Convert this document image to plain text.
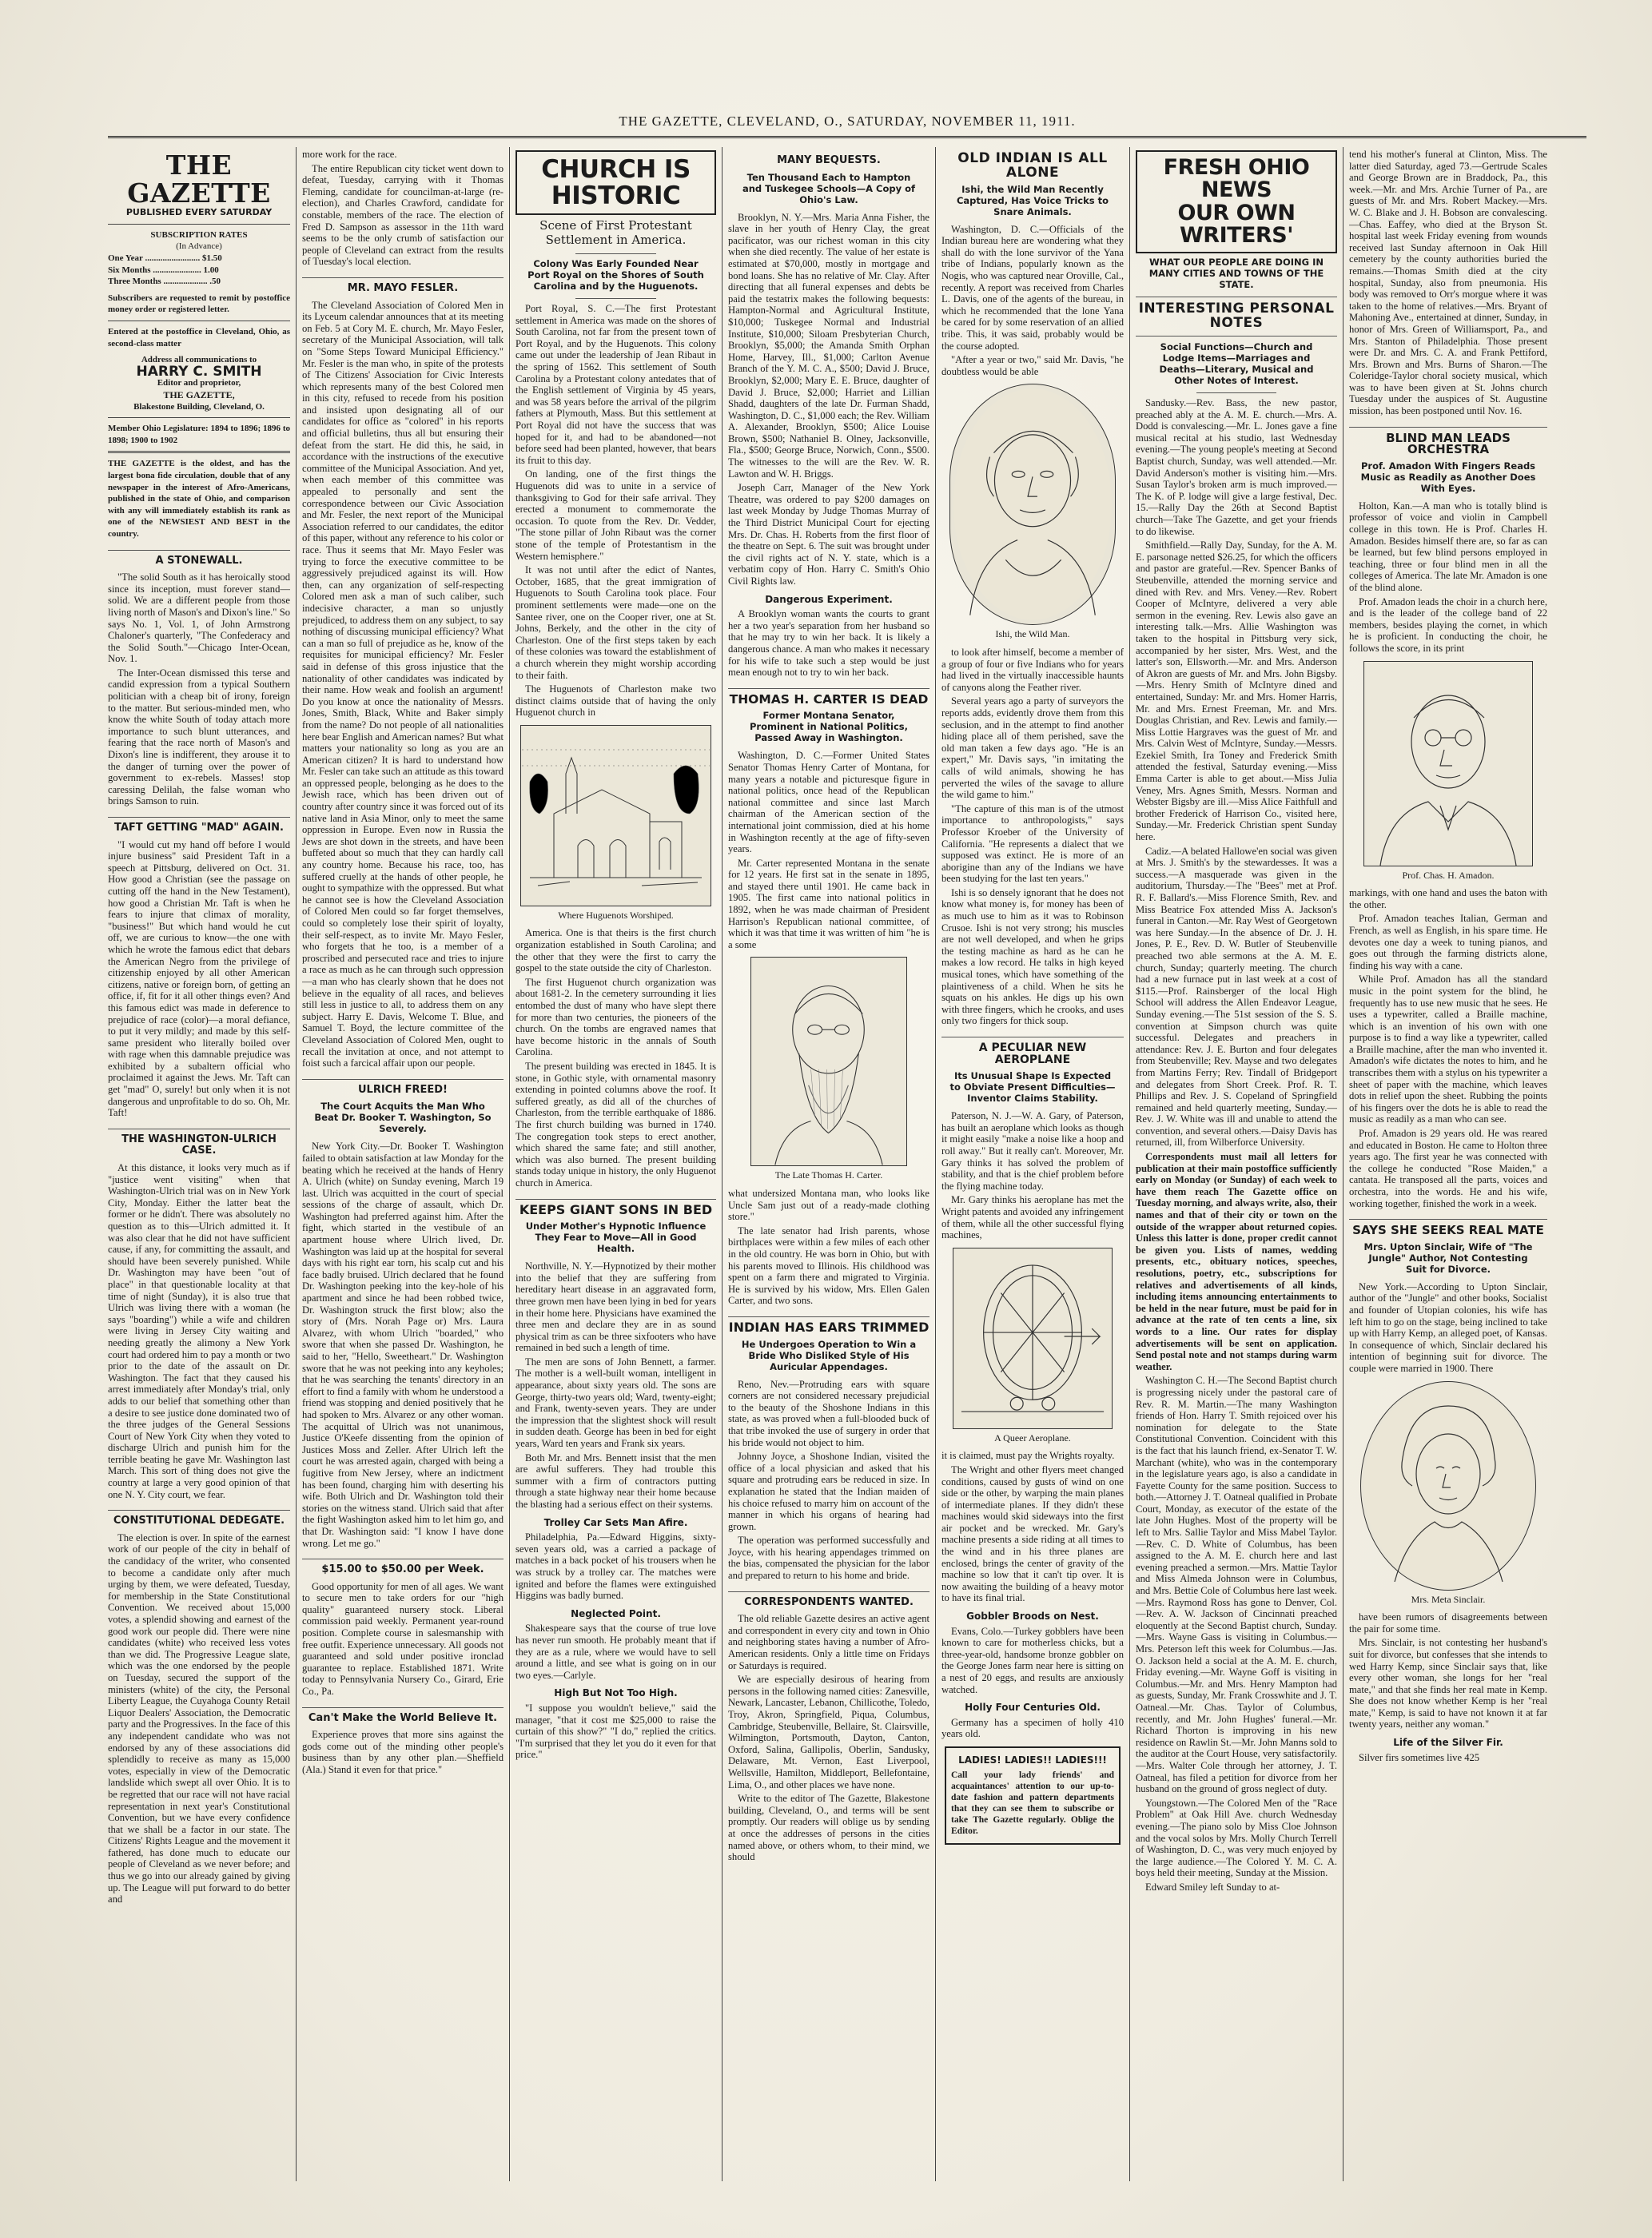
THE GAZETTE, CLEVELAND, O., SATURDAY, NOVEMBER 11, 1911.
THE GAZETTE
PUBLISHED EVERY SATURDAY
SUBSCRIPTION RATES
(In Advance)
One Year ......................... $1.50
Six Months ...................... 1.00
Three Months .................... .50
Subscribers are requested to remit by postoffice money order or registered letter.
Entered at the postoffice in Cleveland, Ohio, as second-class matter
Address all communications to
HARRY C. SMITH
Editor and proprietor,
THE GAZETTE,
Blakestone Building, Cleveland, O.
Member Ohio Legislature: 1894 to 1896; 1896 to 1898; 1900 to 1902
THE GAZETTE is the oldest, and has the largest bona fide circulation, double that of any newspaper in the interest of Afro-Americans, published in the state of Ohio, and comparison with any will immediately establish its rank as one of the NEWSIEST AND BEST in the country.
A STONEWALL.

"The solid South as it has heroically stood since its inception, must forever stand—solid. We are a different people from those living north of Mason's and Dixon's line." So says No. 1, Vol. 1, of John Armstrong Chaloner's quarterly, "The Confederacy and the Solid South."—Chicago Inter-Ocean, Nov. 1.

The Inter-Ocean dismissed this terse and candid expression from a typical Southern politician with a cheap bit of irony, foreign to the matter. But serious-minded men, who know the white South of today attach more importance to such blunt utterances, and fearing that the race north of Mason's and Dixon's line is indifferent, they arouse it to the danger of turning over the power of government to ex-rebels. Masses! stop caressing Delilah, the false woman who brings Samson to ruin.

TAFT GETTING "MAD" AGAIN.

"I would cut my hand off before I would injure business" said President Taft in a speech at Pittsburg, delivered on Oct. 31. How good a Christian (see the passage on cutting off the hand in the New Testament), how good a Christian Mr. Taft is when he fears to injure that climax of morality, "business!" But which hand would he cut off, we are curious to know—the one with which he wrote the famous edict that debars the American Negro from the privilege of citizenship enjoyed by all other American citizens, native or foreign born, of getting an office, if, fit for it all other things even? And this famous edict was made in deference to prejudice of race (color)—a moral defiance, to put it very mildly; and made by this self-same president who literally boiled over with rage when this damnable prejudice was exhibited by a subaltern official who proclaimed it against the Jews. Mr. Taft can get "mad" O, surely! but only when it is not dangerous and unprofitable to do so. Oh, Mr. Taft!

THE WASHINGTON-ULRICH CASE.

At this distance, it looks very much as if "justice went visiting" when that Washington-Ulrich trial was on in New York City, Monday. Either the latter beat the former or he didn't. There was absolutely no question as to this—Ulrich admitted it. It was also clear that he did not have sufficient cause, if any, for committing the assault, and should have been severely punished. While Dr. Washington may have been "out of place" in that questionable locality at that time of night (Sunday), it is also true that Ulrich was living there with a woman (he says "boarding") while a wife and children were living in Jersey City waiting and needing greatly the alimony a New York court had ordered him to pay a month or two prior to the date of the assault on Dr. Washington. The fact that they caused his arrest immediately after Monday's trial, only adds to our belief that something other than a desire to see justice done dominated two of the three judges of the General Sessions Court of New York City when they voted to discharge Ulrich and punish him for the terrible beating he gave Mr. Washington last March. This sort of thing does not give the country at large a very good opinion of that one N. Y. City court, we fear.

CONSTITUTIONAL DEDEGATE.

The election is over. In spite of the earnest work of our people of the city in behalf of the candidacy of the writer, who consented to become a candidate only after much urging by them, we were defeated, Tuesday, for membership in the State Constitutional Convention. We received about 15,000 votes, a splendid showing and earnest of the good work our people did. There were nine candidates (white) who received less votes than we did. The Progressive League slate, which was the one endorsed by the people on Tuesday, secured the support of the ministers (white) of the city, the Personal Liberty League, the Cuyahoga County Retail Liquor Dealers' Association, the Democratic party and the Progressives. In the face of this any independent candidate who was not endorsed by any of these associations did splendidly to receive as many as 15,000 votes, especially in view of the Democratic landslide which swept all over Ohio. It is to be regretted that our race will not have racial representation in next year's Constitutional Convention, but we have every confidence that we shall be a factor in our state. The Citizens' Rights League and the movement it fathered, has done much to educate our people of Cleveland as we never before; and thus we go into our already gained by giving up. The League will put forward to do better and

more work for the race.

The entire Republican city ticket went down to defeat, Tuesday, carrying with it Thomas Fleming, candidate for councilman-at-large (re-election), and Charles Crawford, candidate for constable, members of the race. The election of Fred D. Sampson as assessor in the 11th ward seems to be the only crumb of satisfaction our people of Cleveland can extract from the results of Tuesday's local election.

MR. MAYO FESLER.

The Cleveland Association of Colored Men in its Lyceum calendar announces that at its meeting on Feb. 5 at Cory M. E. church, Mr. Mayo Fesler, secretary of the Municipal Association, will talk on "Some Steps Toward Municipal Efficiency." Mr. Fesler is the man who, in spite of the protests of The Citizens' Association for Civic Interests which represents many of the best Colored men in this city, refused to recede from his position and insisted upon designating all of our candidates for office as "colored" in his reports and official bulletins, thus all but ensuring their defeat from the start. He did this, he said, in accordance with the instructions of the executive committee of the Municipal Association. And yet, when each member of this committee was appealed to personally and sent the correspondence between our Civic Association and Mr. Fesler, the next report of the Municipal Association referred to our candidates, the editor of this paper, without any reference to his color or race. Thus it seems that Mr. Mayo Fesler was trying to force the executive committee to be aggressively prejudiced against its will. How then, can any organization of self-respecting Colored men ask a man of such caliber, such indecisive character, a man so unjustly prejudiced, to address them on any subject, to say nothing of discussing municipal efficiency? What can a man so full of prejudice as he, know of the requisites for municipal efficiency? Mr. Fesler said in defense of this gross injustice that the nationality of other candidates was indicated by their name. How weak and foolish an argument! Do you know at once the nationality of Messrs. Jones, Smith, Black, White and Baker simply from the name? Do not people of all nationalities here bear English and American names? But what matters your nationality so long as you are an American citizen? It is hard to understand how Mr. Fesler can take such an attitude as this toward an oppressed people, belonging as he does to the Jewish race, which has been driven out of country after country since it was forced out of its native land in Asia Minor, only to meet the same oppression in Europe. Even now in Russia the Jews are shot down in the streets, and have been buffeted about so much that they can hardly call any country home. Because his race, too, has suffered cruelly at the hands of other people, he ought to sympathize with the oppressed. But what he cannot see is how the Cleveland Association of Colored Men could so far forget themselves, could so completely lose their spirit of loyalty, their self-respect, as to invite Mr. Mayo Fesler, who forgets that he too, is a member of a proscribed and persecuted race and tries to injure a race as much as he can through such oppression—a man who has clearly shown that he does not believe in the equality of all races, and believes still less in justice to all, to address them on any subject. Harry E. Davis, Welcome T. Blue, and Samuel T. Boyd, the lecture committee of the Cleveland Association of Colored Men, ought to recall the invitation at once, and not attempt to foist such a farcical affair upon our people.

ULRICH FREED!
The Court Acquits the Man Who Beat Dr. Booker T. Washington, So Severely.

New York City.—Dr. Booker T. Washington failed to obtain satisfaction at law Monday for the beating which he received at the hands of Henry A. Ulrich (white) on Sunday evening, March 19 last. Ulrich was acquitted in the court of special sessions of the charge of assault, which Dr. Washington had preferred against him. After the fight, which started in the vestibule of an apartment house where Ulrich lived, Dr. Washington was laid up at the hospital for several days with his right ear torn, his scalp cut and his face badly bruised. Ulrich declared that he found Dr. Washington peeking into the key-hole of his apartment and since he had been robbed twice, Dr. Washington struck the first blow; also the story of (Mrs. Norah Page or) Mrs. Laura Alvarez, with whom Ulrich "boarded," who swore that when she passed Dr. Washington, he said to her, "Hello, Sweetheart." Dr. Washington swore that he was not peeking into any keyholes; that he was searching the tenants' directory in an effort to find a family with whom he understood a friend was stopping and denied positively that he had spoken to Mrs. Alvarez or any other woman. The acquittal of Ulrich was not unanimous, Justice O'Keefe dissenting from the opinion of Justices Moss and Zeller. After Ulrich left the court he was arrested again, charged with being a fugitive from New Jersey, where an indictment has been found, charging him with deserting his wife. Both Ulrich and Dr. Washington told their stories on the witness stand. Ulrich said that after the fight Washington asked him to let him go, and that Dr. Washington said: "I know I have done wrong. Let me go."

$15.00 to $50.00 per Week.

Good opportunity for men of all ages. We want to secure men to take orders for our "high quality" guaranteed nursery stock. Liberal commission paid weekly. Permanent year-round position. Complete course in salesmanship with free outfit. Experience unnecessary. All goods not guaranteed and sold under positive ironclad guarantee to replace. Established 1871. Write today to Pennsylvania Nursery Co., Girard, Erie Co., Pa.

Can't Make the World Believe It.

Experience proves that more sins against the gods come out of the minding other people's business than by any other plan.—Sheffield (Ala.) Stand it even for that price."

CHURCH IS HISTORIC
Scene of First Protestant Settlement in America.
Colony Was Early Founded Near Port Royal on the Shores of South Carolina and by the Huguenots.

Port Royal, S. C.—The first Protestant settlement in America was made on the shores of South Carolina, not far from the present town of Port Royal, and by the Huguenots. This colony came out under the leadership of Jean Ribaut in the spring of 1562. This settlement of South Carolina by a Protestant colony antedates that of the English settlement of Virginia by 45 years, and was 58 years before the arrival of the pilgrim fathers at Plymouth, Mass. But this settlement at Port Royal did not have the success that was hoped for it, and had to be abandoned—not before seed had been planted, however, that bears its fruit to this day.

On landing, one of the first things the Huguenots did was to unite in a service of thanksgiving to God for their safe arrival. They erected a monument to commemorate the occasion. To quote from the Rev. Dr. Vedder, "The stone pillar of John Ribaut was the corner stone of the temple of Protestantism in the Western hemisphere."

It was not until after the edict of Nantes, October, 1685, that the great immigration of Huguenots to South Carolina took place. Four prominent settlements were made—one on the Santee river, one on the Cooper river, one at St. Johns, Berkely, and the other in the city of Charleston. One of the first steps taken by each of these colonies was toward the establishment of a church wherein they might worship according to their faith.

The Huguenots of Charleston make two distinct claims outside that of having the only Huguenot church in

Where Huguenots Worshiped.

America. One is that theirs is the first church organization established in South Carolina; and the other that they were the first to carry the gospel to the state outside the city of Charleston.

The first Huguenot church organization was about 1681-2. In the cemetery surrounding it lies entombed the dust of many who have slept there for more than two centuries, the pioneers of the church. On the tombs are engraved names that have become historic in the annals of South Carolina.

The present building was erected in 1845. It is stone, in Gothic style, with ornamental masonry extending in pointed columns above the roof. It suffered greatly, as did all of the churches of Charleston, from the terrible earthquake of 1886. The first church building was burned in 1740. The congregation took steps to erect another, which shared the same fate; and still another, which was also burned. The present building stands today unique in history, the only Huguenot church in America.

KEEPS GIANT SONS IN BED
Under Mother's Hypnotic Influence They Fear to Move—All in Good Health.

Northville, N. Y.—Hypnotized by their mother into the belief that they are suffering from hereditary heart disease in an aggravated form, three grown men have been lying in bed for years in their home here. Physicians have examined the three men and declare they are in as sound physical trim as can be three sixfooters who have remained in bed such a length of time.

The men are sons of John Bennett, a farmer. The mother is a well-built woman, intelligent in appearance, about sixty years old. The sons are George, thirty-two years old; Ward, twenty-eight; and Frank, twenty-seven years. They are under the impression that the slightest shock will result in sudden death. George has been in bed for eight years, Ward ten years and Frank six years.

Both Mr. and Mrs. Bennett insist that the men are awful sufferers. They had trouble this summer with a firm of contractors putting through a state highway near their home because the blasting had a serious effect on their systems.

Trolley Car Sets Man Afire.

Philadelphia, Pa.—Edward Higgins, sixty-seven years old, was a carried a package of matches in a back pocket of his trousers when he was struck by a trolley car. The matches were ignited and before the flames were extinguished Higgins was badly burned.

Neglected Point.

Shakespeare says that the course of true love has never run smooth. He probably meant that if they are as a rule, where we would have to sell around a little, and see what is going on in our two eyes.—Carlyle.

High But Not Too High.

"I suppose you wouldn't believe," said the manager, "that it cost me $25,000 to raise the curtain of this show?" "I do," replied the critics. "I'm surprised that they let you do it even for that price."

MANY BEQUESTS.
Ten Thousand Each to Hampton and Tuskegee Schools—A Copy of Ohio's Law.

Brooklyn, N. Y.—Mrs. Maria Anna Fisher, the slave in her youth of Henry Clay, the great pacificator, was our richest woman in this city when she died recently. The value of her estate is estimated at $70,000, mostly in mortgage and bond loans. She has no relative of Mr. Clay. After directing that all funeral expenses and debts be paid the testatrix makes the following bequests: Hampton-Normal and Agricultural Institute, $10,000; Tuskegee Normal and Industrial Institute, $10,000; Siloam Presbyterian Church, Brooklyn, $5,000; the Amanda Smith Orphan Home, Harvey, Ill., $1,000; Carlton Avenue Branch of the Y. M. C. A., $500; David J. Bruce, Brooklyn, $2,000; Mary E. E. Bruce, daughter of David J. Bruce, $2,000; Harriet and Lillian Shadd, daughters of the late Dr. Furman Shadd, Washington, D. C., $1,000 each; the Rev. William A. Alexander, Brooklyn, $500; Alice Louise Brown, $500; Nathaniel B. Olney, Jacksonville, Fla., $500; George Bruce, Norwich, Conn., $500. The witnesses to the will are the Rev. W. R. Lawton and W. H. Briggs.

Joseph Carr, Manager of the New York Theatre, was ordered to pay $200 damages on last week Monday by Judge Thomas Murray of the Third District Municipal Court for ejecting Mrs. Dr. Chas. H. Roberts from the first floor of the theatre on Sept. 6. The suit was brought under the civil rights act of N. Y. state, which is a verbatim copy of Hon. Harry C. Smith's Ohio Civil Rights law.

Dangerous Experiment.

A Brooklyn woman wants the courts to grant her a two year's separation from her husband so that he may try to win her back. It is likely a dangerous chance. A man who makes it necessary for his wife to take such a step would be just mean enough not to try to win her back.

THOMAS H. CARTER IS DEAD
Former Montana Senator, Prominent in National Politics, Passed Away in Washington.

Washington, D. C.—Former United States Senator Thomas Henry Carter of Montana, for many years a notable and picturesque figure in national politics, once head of the Republican national committee and since last March chairman of the American section of the international joint commission, died at his home in Washington recently at the age of fifty-seven years.

Mr. Carter represented Montana in the senate for 12 years. He first sat in the senate in 1895, and stayed there until 1901. He came back in 1905. The first came into national politics in 1892, when he was made chairman of President Harrison's Republican national committee, of which it was that time it was written of him "he is a some

The Late Thomas H. Carter.

what undersized Montana man, who looks like Uncle Sam just out of a ready-made clothing store."

The late senator had Irish parents, whose birthplaces were within a few miles of each other in the old country. He was born in Ohio, but with his parents moved to Illinois. His childhood was spent on a farm there and migrated to Virginia. He is survived by his widow, Mrs. Ellen Galen Carter, and two sons.

INDIAN HAS EARS TRIMMED
He Undergoes Operation to Win a Bride Who Disliked Style of His Auricular Appendages.

Reno, Nev.—Protruding ears with square corners are not considered necessary prejudicial to the beauty of the Shoshone Indians in this state, as was proved when a full-blooded buck of that tribe invoked the use of surgery in order that his bride would not object to him.

Johnny Joyce, a Shoshone Indian, visited the office of a local physician and asked that his square and protruding ears be reduced in size. In explanation he stated that the Indian maiden of his choice refused to marry him on account of the manner in which his organs of hearing had grown.

The operation was performed successfully and Joyce, with his hearing appendages trimmed on the bias, compensated the physician for the labor and prepared to return to his home and bride.

CORRESPONDENTS WANTED.

The old reliable Gazette desires an active agent and correspondent in every city and town in Ohio and neighboring states having a number of Afro-American residents. Only a little time on Fridays or Saturdays is required.

We are especially desirous of hearing from persons in the following named cities: Zanesville, Newark, Lancaster, Lebanon, Chillicothe, Toledo, Troy, Akron, Springfield, Piqua, Columbus, Cambridge, Steubenville, Bellaire, St. Clairsville, Wilmington, Portsmouth, Dayton, Canton, Oxford, Salina, Gallipolis, Oberlin, Sandusky, Delaware, Mt. Vernon, East Liverpool, Wellsville, Hamilton, Middleport, Bellefontaine, Lima, O., and other places we have none.

Write to the editor of The Gazette, Blakestone building, Cleveland, O., and terms will be sent promptly. Our readers will oblige us by sending at once the addresses of persons in the cities named above, or others whom, to their mind, we should

OLD INDIAN IS ALL ALONE
Ishi, the Wild Man Recently Captured, Has Voice Tricks to Snare Animals.

Washington, D. C.—Officials of the Indian bureau here are wondering what they shall do with the lone survivor of the Yana tribe of Indians, popularly known as the Nogis, who was captured near Oroville, Cal., recently. A report was received from Charles L. Davis, one of the agents of the bureau, in which he recommended that the lone Yana be cared for by some reservation of an allied tribe. This, it was said, probably would be the course adopted.

"After a year or two," said Mr. Davis, "he doubtless would be able

Ishi, the Wild Man.

to look after himself, become a member of a group of four or five Indians who for years had lived in the virtually inaccessible haunts of canyons along the Feather river.

Several years ago a party of surveyors the reports adds, evidently drove them from this seclusion, and in the attempt to find another hiding place all of them perished, save the old man taken a few days ago. "He is an expert," Mr. Davis says, "in imitating the calls of wild animals, showing he has perverted the wiles of the savage to allure the wild game to him."

"The capture of this man is of the utmost importance to anthropologists," says Professor Kroeber of the University of California. "He represents a dialect that we supposed was extinct. He is more of an aborigine than any of the Indians we have been studying for the last ten years."

Ishi is so densely ignorant that he does not know what money is, for money has been of as much use to him as it was to Robinson Crusoe. Ishi is not very strong; his muscles are not well developed, and when he grips the testing machine as hard as he can he makes a low record. He talks in high keyed musical tones, which have something of the plaintiveness of a child. When he sits he squats on his ankles. He digs up his own with three fingers, which he crooks, and uses only two fingers for thick soup.

A PECULIAR NEW AEROPLANE
Its Unusual Shape Is Expected to Obviate Present Difficulties—Inventor Claims Stability.

Paterson, N. J.—W. A. Gary, of Paterson, has built an aeroplane which looks as though it might easily "make a noise like a hoop and roll away." But it really can't. Moreover, Mr. Gary thinks it has solved the problem of stability, and that is the chief problem before the flying machine today.

Mr. Gary thinks his aeroplane has met the Wright patents and avoided any infringement of them, while all the other successful flying machines,

A Queer Aeroplane.

it is claimed, must pay the Wrights royalty.

The Wright and other flyers meet changed conditions, caused by gusts of wind on one side or the other, by warping the main planes of intermediate planes. If they didn't these machines would skid sideways into the first air pocket and be wrecked. Mr. Gary's machine presents a side riding at all times to the wind and in his three planes are enclosed, brings the center of gravity of the machine so low that it can't tip over. It is now awaiting the building of a heavy motor to have its final trial.

Gobbler Broods on Nest.

Evans, Colo.—Turkey gobblers have been known to care for motherless chicks, but a three-year-old, handsome bronze gobbler on the George Jones farm near here is sitting on a nest of 20 eggs, and results are anxiously watched.

Holly Four Centuries Old.

Germany has a specimen of holly 410 years old.

LADIES! LADIES!! LADIES!!!
Call your lady friends' and acquaintances' attention to our up-to-date fashion and pattern departments that they can see them to subscribe or take The Gazette regularly. Oblige the Editor.
FRESH OHIO NEWS
OUR OWN WRITERS'
WHAT OUR PEOPLE ARE DOING IN MANY CITIES AND TOWNS OF THE STATE.
INTERESTING PERSONAL NOTES
Social Functions—Church and Lodge Items—Marriages and Deaths—Literary, Musical and Other Notes of Interest.

Sandusky.—Rev. Bass, the new pastor, preached ably at the A. M. E. church.—Mrs. A. Dodd is convalescing.—Mr. L. Jones gave a fine musical recital at his studio, last Wednesday evening.—The young people's meeting at Second Baptist church, Sunday, was well attended.—Mr. David Anderson's mother is visiting him.—Mrs. Susan Taylor's broken arm is much improved.—The K. of P. lodge will give a large festival, Dec. 15.—Rally Day the 26th at Second Baptist church—Take The Gazette, and get your friends to do likewise.

Smithfield.—Rally Day, Sunday, for the A. M. E. parsonage netted $26.25, for which the officers and pastor are grateful.—Rev. Spencer Banks of Steubenville, attended the morning service and dined with Rev. and Mrs. Veney.—Rev. Robert Cooper of McIntyre, delivered a very able sermon in the evening. Rev. Lewis also gave an interesting talk.—Mrs. Allie Washington was taken to the hospital in Pittsburg very sick, accompanied by her sister, Mrs. West, and the latter's son, Ellsworth.—Mr. and Mrs. Anderson of Akron are guests of Mr. and Mrs. John Bigsby.—Mrs. Henry Smith of McIntyre dined and entertained, Sunday: Mr. and Mrs. Homer Harris, Mr. and Mrs. Ernest Freeman, Mr. and Mrs. Douglas Christian, and Rev. Lewis and family.—Miss Lottie Hargraves was the guest of Mr. and Mrs. Calvin West of McIntyre, Sunday.—Messrs. Ezekiel Smith, Ira Toney and Frederick Smith attended the festival, Saturday evening.—Miss Emma Carter is able to get about.—Miss Julia Veney, Mrs. Agnes Smith, Messrs. Norman and Webster Bigsby are ill.—Miss Alice Faithfull and brother Frederick of Harrison Co., visited here, Sunday.—Mr. Frederick Christian spent Sunday here.

Cadiz.—A belated Hallowe'en social was given at Mrs. J. Smith's by the stewardesses. It was a success.—A masquerade was given in the auditorium, Thursday.—The "Bees" met at Prof. R. F. Ballard's.—Miss Florence Smith, Rev. and Miss Beatrice Fox attended Miss A. Jackson's funeral in Canton.—Mr. Ray West of Georgetown was here Sunday.—In the absence of Dr. J. H. Jones, P. E., Rev. D. W. Butler of Steubenville preached two able sermons at the A. M. E. church, Sunday; quarterly meeting. The church had a new furnace put in last week at a cost of $115.—Prof. Rainsberger of the local High School will address the Allen Endeavor League, Sunday evening.—The 51st session of the S. S. convention at Simpson church was quite successful. Delegates and preachers in attendance: Rev. J. E. Burton and four delegates from Steubenville; Rev. Mayse and two delegates from Martins Ferry; Rev. Tindall of Bridgeport and delegates from Short Creek. Prof. R. T. Phillips and Rev. J. S. Copeland of Springfield remained and held quarterly meeting, Sunday.—Rev. J. W. White was ill and unable to attend the convention, and several others.—Daisy Davis has returned, ill, from Wilberforce University.

Correspondents must mail all letters for publication at their main postoffice sufficiently early on Monday (or Sunday) of each week to have them reach The Gazette office on Tuesday morning, and always write, also, their names and that of their city or town on the outside of the wrapper about returned copies. Unless this latter is done, proper credit cannot be given you. Lists of names, wedding presents, etc., obituary notices, speeches, resolutions, poetry, etc., subscriptions for relatives and advertisements of all kinds, including items announcing entertainments to be held in the near future, must be paid for in advance at the rate of ten cents a line, six words to a line. Our rates for display advertisements will be sent on application. Send postal note and not stamps during warm weather.

Washington C. H.—The Second Baptist church is progressing nicely under the pastoral care of Rev. R. M. Martin.—The many Washington friends of Hon. Harry T. Smith rejoiced over his nomination for delegate to the State Constitutional Convention. Coincident with this is the fact that his launch friend, ex-Senator T. W. Marchant (white), who was in the contemporary in the legislature years ago, is also a candidate in Fayette County for the same position. Success to both.—Attorney J. T. Oatneal qualified in Probate Court, Monday, as executor of the estate of the late John Hughes. Most of the property will be left to Mrs. Sallie Taylor and Miss Mabel Taylor.—Rev. C. D. White of Columbus, has been assigned to the A. M. E. church here and last evening preached a sermon.—Mrs. Mattie Taylor and Miss Almeda Johnson were in Columbus, and Mrs. Bettie Cole of Columbus here last week.—Mrs. Raymond Ross has gone to Denver, Col.—Rev. A. W. Jackson of Cincinnati preached eloquently at the Second Baptist church, Sunday.—Mrs. Wayne Gass is visiting in Columbus.—Mrs. Peterson left this week for Columbus.—Jas. O. Jackson held a social at the A. M. E. church, Friday evening.—Mr. Wayne Goff is visiting in Columbus.—Mr. and Mrs. Henry Mampton had as guests, Sunday, Mr. Frank Crosswhite and J. T. Oatneal.—Mr. Chas. Taylor of Columbus, recently, and Mr. John Hughes' funeral.—Mr. Richard Thorton is improving in his new residence on Rawlin St.—Mr. John Manns sold to the auditor at the Court House, very satisfactorily.—Mrs. Walter Cole through her attorney, J. T. Oatneal, has filed a petition for divorce from her husband on the ground of gross neglect of duty.

Youngstown.—The Colored Men of the "Race Problem" at Oak Hill Ave. church Wednesday evening.—The piano solo by Miss Cloe Johnson and the vocal solos by Mrs. Molly Church Terrell of Washington, D. C., was very much enjoyed by the large audience.—The Colored Y. M. C. A. boys held their meeting, Sunday at the Mission.

Edward Smiley left Sunday to at-

tend his mother's funeral at Clinton, Miss. The latter died Saturday, aged 73.—Gertrude Scales and George Brown are in Braddock, Pa., this week.—Mr. and Mrs. Archie Turner of Pa., are guests of Mr. and Mrs. Robert Mackey.—Mrs. W. C. Blake and J. H. Bobson are convalescing.—Chas. Eaffey, who died at the Bryson St. hospital last week Friday evening from wounds received last Sunday afternoon in Oak Hill cemetery by the county authorities buried the remains.—Thomas Smith died at the city hospital, Sunday, also from pneumonia. His body was removed to Orr's morgue where it was taken to the home of relatives.—Mrs. Bryant of Mahoning Ave., entertained at dinner, Sunday, in honor of Mrs. Green of Williamsport, Pa., and Mrs. Stanton of Philadelphia. Those present were Dr. and Mrs. C. A. and Frank Pettiford, Mrs. Brown and Mrs. Burns of Sharon.—The Coleridge-Taylor choral society musical, which was to have been given at St. Johns church Tuesday under the auspices of St. Augustine mission, has been postponed until Nov. 16.

BLIND MAN LEADS ORCHESTRA
Prof. Amadon With Fingers Reads Music as Readily as Another Does With Eyes.

Holton, Kan.—A man who is totally blind is professor of voice and violin in Campbell college in this town. He is Prof. Charles H. Amadon. Besides himself there are, so far as can be learned, but few blind persons employed in teaching, three or four blind men in all the colleges of America. The late Mr. Amadon is one of the blind alone.

Prof. Amadon leads the choir in a church here, and is the leader of the college band of 22 members, besides playing the cornet, in which he is proficient. In conducting the choir, he follows the score, in its print

Prof. Chas. H. Amadon.

markings, with one hand and uses the baton with the other.

Prof. Amadon teaches Italian, German and French, as well as English, in his spare time. He devotes one day a week to tuning pianos, and goes out through the farming districts alone, finding his way with a cane.

While Prof. Amadon has all the standard music in the point system for the blind, he frequently has to use new music that he sees. He uses a typewriter, called a Braille machine, which is an invention of his own with one purpose is to find a way like a typewriter, called a Braille machine, after the man who invented it. Amadon's wife dictates the notes to him, and he transcribes them with a stylus on his typewriter a sheet of paper with the machine, which leaves dots in relief upon the sheet. Rubbing the points of his fingers over the dots he is able to read the music as readily as a man who can see.

Prof. Amadon is 29 years old. He was reared and educated in Boston. He came to Holton three years ago. The first year he was connected with the college he conducted "Rose Maiden," a cantata. He transposed all the parts, voices and orchestra, into the words. He and his wife, working together, finished the work in a week.

SAYS SHE SEEKS REAL MATE
Mrs. Upton Sinclair, Wife of "The Jungle" Author, Not Contesting Suit for Divorce.

New York.—According to Upton Sinclair, author of the "Jungle" and other books, Socialist and founder of Utopian colonies, his wife has left him to go on the stage, being inclined to take up with Harry Kemp, an alleged poet, of Kansas. In consequence of which, Sinclair declared his intention of beginning suit for divorce. The couple were married in 1900. There

Mrs. Meta Sinclair.

have been rumors of disagreements between the pair for some time.

Mrs. Sinclair, is not contesting her husband's suit for divorce, but confesses that she intends to wed Harry Kemp, since Sinclair says that, like every other woman, she longs for her "real mate," and that she finds her real mate in Kemp. She does not know whether Kemp is her "real mate," Kemp, is said to have not known it at far twenty years, neither any woman."

Life of the Silver Fir.

Silver firs sometimes live 425
